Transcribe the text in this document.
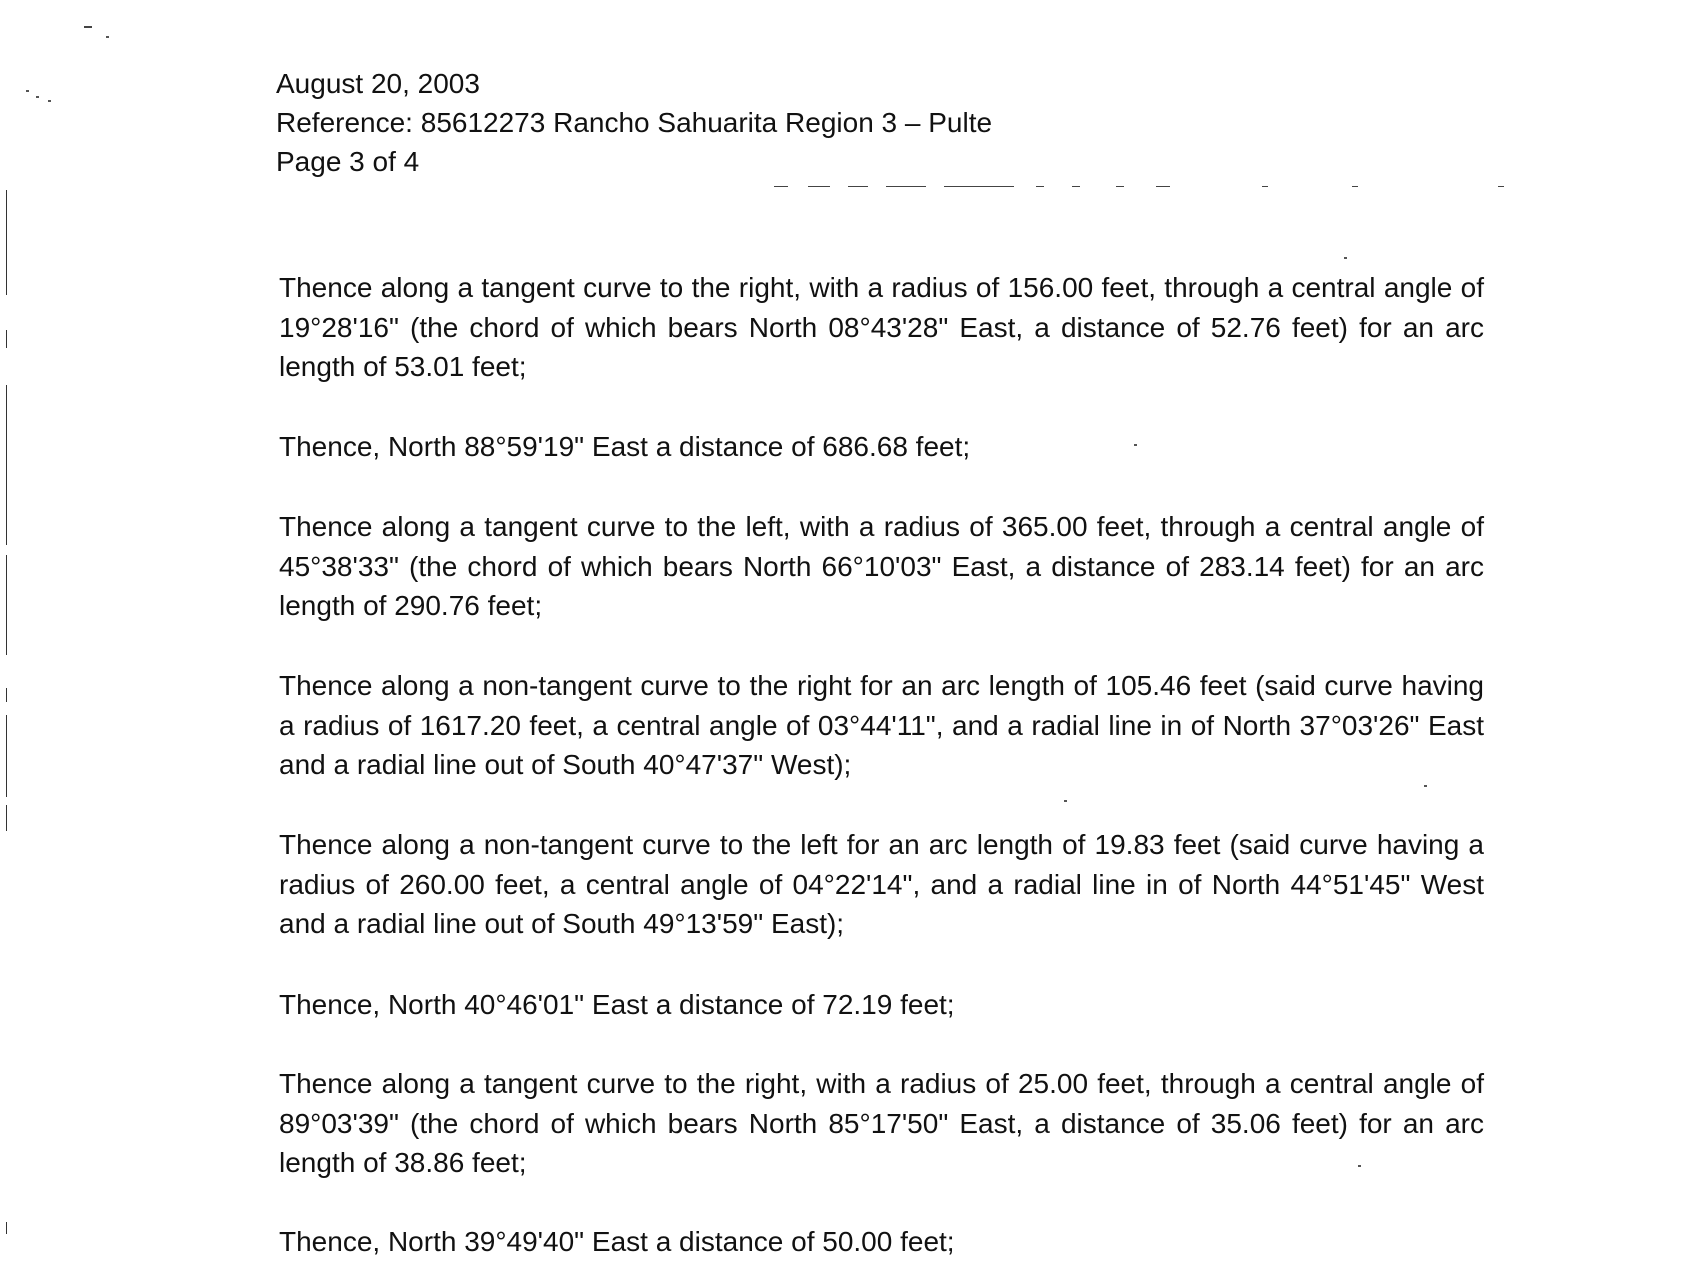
August 20, 2003
Reference: 85612273 Rancho Sahuarita Region 3 – Pulte
Page 3 of 4
Thence along a tangent curve to the right, with a radius of 156.00 feet, through a central angle of 19°28'16" (the chord of which bears North 08°43'28" East, a distance of 52.76 feet) for an arc length of 53.01 feet;
Thence, North 88°59'19" East a distance of 686.68 feet;
Thence along a tangent curve to the left, with a radius of 365.00 feet, through a central angle of 45°38'33" (the chord of which bears North 66°10'03" East, a distance of 283.14 feet) for an arc length of 290.76 feet;
Thence along a non-tangent curve to the right for an arc length of 105.46 feet (said curve having a radius of 1617.20 feet, a central angle of 03°44'11", and a radial line in of North 37°03'26" East and a radial line out of South 40°47'37" West);
Thence along a non-tangent curve to the left for an arc length of 19.83 feet (said curve having a radius of 260.00 feet, a central angle of 04°22'14", and a radial line in of North 44°51'45" West and a radial line out of South 49°13'59" East);
Thence, North 40°46'01" East a distance of 72.19 feet;
Thence along a tangent curve to the right, with a radius of 25.00 feet, through a central angle of 89°03'39" (the chord of which bears North 85°17'50" East, a distance of 35.06 feet) for an arc length of 38.86 feet;
Thence, North 39°49'40" East a distance of 50.00 feet;
